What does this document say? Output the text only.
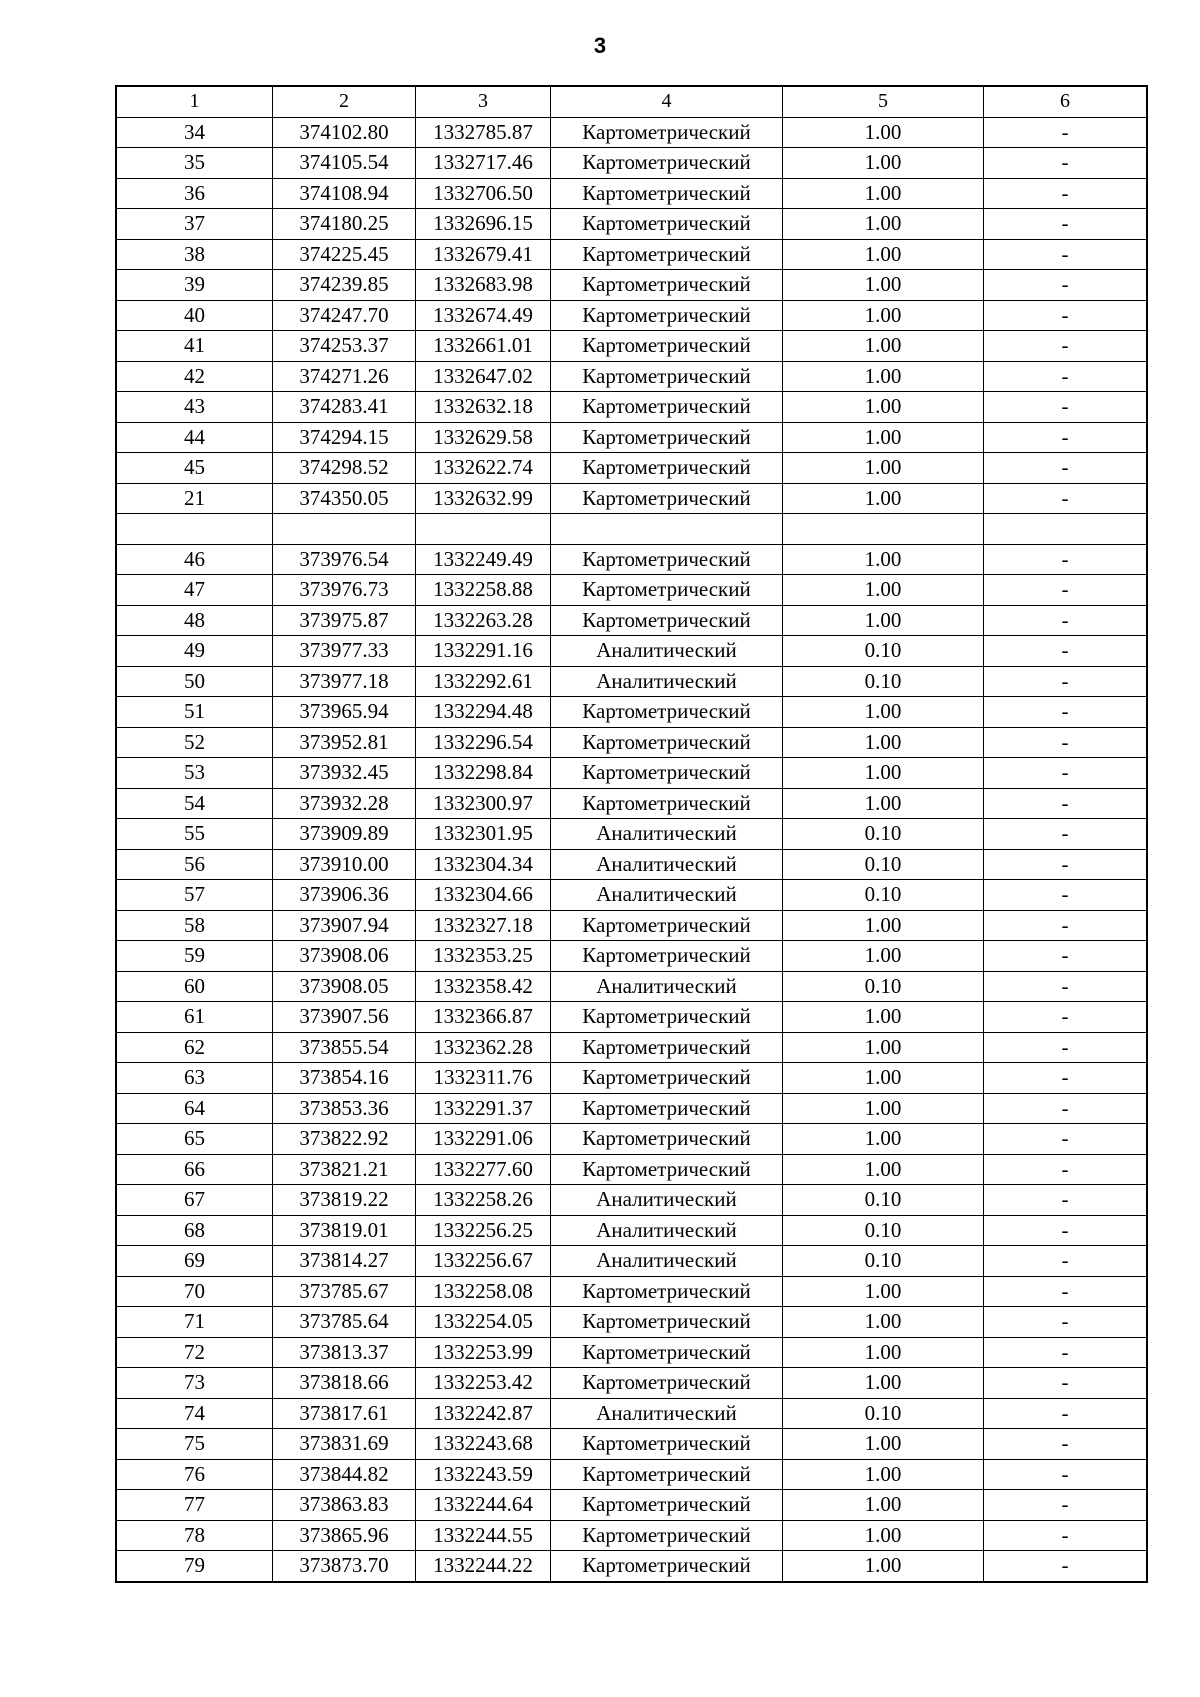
3
1	2	3	4	5	6
34	374102.80	1332785.87	Картометрический	1.00	-
35	374105.54	1332717.46	Картометрический	1.00	-
36	374108.94	1332706.50	Картометрический	1.00	-
37	374180.25	1332696.15	Картометрический	1.00	-
38	374225.45	1332679.41	Картометрический	1.00	-
39	374239.85	1332683.98	Картометрический	1.00	-
40	374247.70	1332674.49	Картометрический	1.00	-
41	374253.37	1332661.01	Картометрический	1.00	-
42	374271.26	1332647.02	Картометрический	1.00	-
43	374283.41	1332632.18	Картометрический	1.00	-
44	374294.15	1332629.58	Картометрический	1.00	-
45	374298.52	1332622.74	Картометрический	1.00	-
21	374350.05	1332632.99	Картометрический	1.00	-

46	373976.54	1332249.49	Картометрический	1.00	-
47	373976.73	1332258.88	Картометрический	1.00	-
48	373975.87	1332263.28	Картометрический	1.00	-
49	373977.33	1332291.16	Аналитический	0.10	-
50	373977.18	1332292.61	Аналитический	0.10	-
51	373965.94	1332294.48	Картометрический	1.00	-
52	373952.81	1332296.54	Картометрический	1.00	-
53	373932.45	1332298.84	Картометрический	1.00	-
54	373932.28	1332300.97	Картометрический	1.00	-
55	373909.89	1332301.95	Аналитический	0.10	-
56	373910.00	1332304.34	Аналитический	0.10	-
57	373906.36	1332304.66	Аналитический	0.10	-
58	373907.94	1332327.18	Картометрический	1.00	-
59	373908.06	1332353.25	Картометрический	1.00	-
60	373908.05	1332358.42	Аналитический	0.10	-
61	373907.56	1332366.87	Картометрический	1.00	-
62	373855.54	1332362.28	Картометрический	1.00	-
63	373854.16	1332311.76	Картометрический	1.00	-
64	373853.36	1332291.37	Картометрический	1.00	-
65	373822.92	1332291.06	Картометрический	1.00	-
66	373821.21	1332277.60	Картометрический	1.00	-
67	373819.22	1332258.26	Аналитический	0.10	-
68	373819.01	1332256.25	Аналитический	0.10	-
69	373814.27	1332256.67	Аналитический	0.10	-
70	373785.67	1332258.08	Картометрический	1.00	-
71	373785.64	1332254.05	Картометрический	1.00	-
72	373813.37	1332253.99	Картометрический	1.00	-
73	373818.66	1332253.42	Картометрический	1.00	-
74	373817.61	1332242.87	Аналитический	0.10	-
75	373831.69	1332243.68	Картометрический	1.00	-
76	373844.82	1332243.59	Картометрический	1.00	-
77	373863.83	1332244.64	Картометрический	1.00	-
78	373865.96	1332244.55	Картометрический	1.00	-
79	373873.70	1332244.22	Картометрический	1.00	-
